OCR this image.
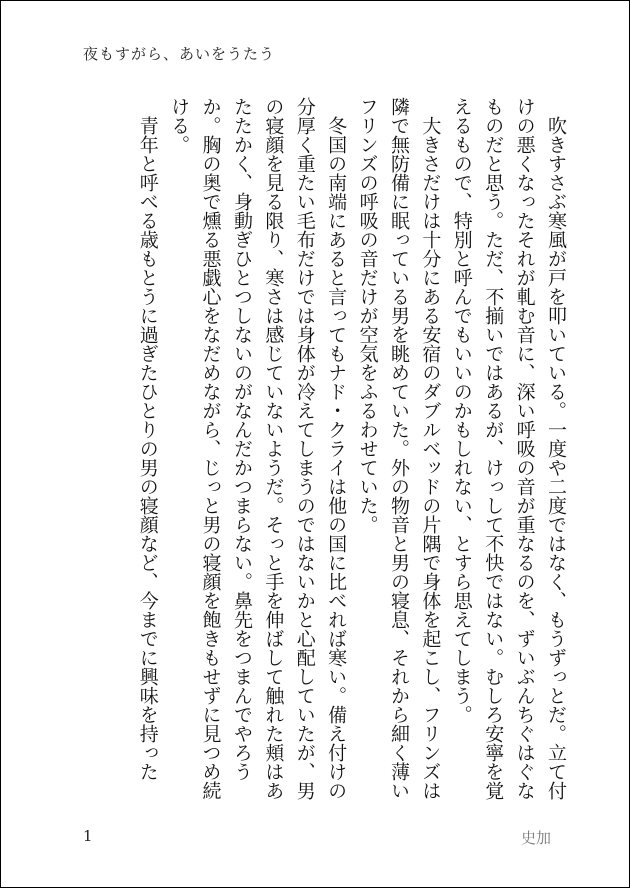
夜もすがら、あいをうたう

吹きすさぶ寒風が戸を叩いている。一度や二度ではなく、もうずっとだ。立て付けの悪くなったそれが軋む音に、深い呼吸の音が重なるのを、ずいぶんちぐはぐなものだと思う。ただ、不揃いではあるが、けっして不快ではない。むしろ安寧を覚えるもので、特別と呼んでもいいのかもしれない、とすら思えてしまう。

大きさだけは十分にある安宿のダブルベッドの片隅で身体を起こし、フリンズは隣で無防備に眠っている男を眺めていた。外の物音と男の寝息、それから細く薄いフリンズの呼吸の音だけが空気をふるわせていた。

冬国の南端にあると言ってもナド・クライは他の国に比べれば寒い。備え付けの分厚く重たい毛布だけでは身体が冷えてしまうのではないかと心配していたが、男の寝顔を見る限り、寒さは感じていないようだ。そっと手を伸ばして触れた頬はあたたかく、身動ぎひとつしないのがなんだかつまらない。鼻先をつまんでやろうか。胸の奥で燻る悪戯心をなだめながら、じっと男の寝顔を飽きもせずに見つめ続ける。

青年と呼べる歳もとうに過ぎたひとりの男の寝顔など、今までに興味を持った

1	史加
